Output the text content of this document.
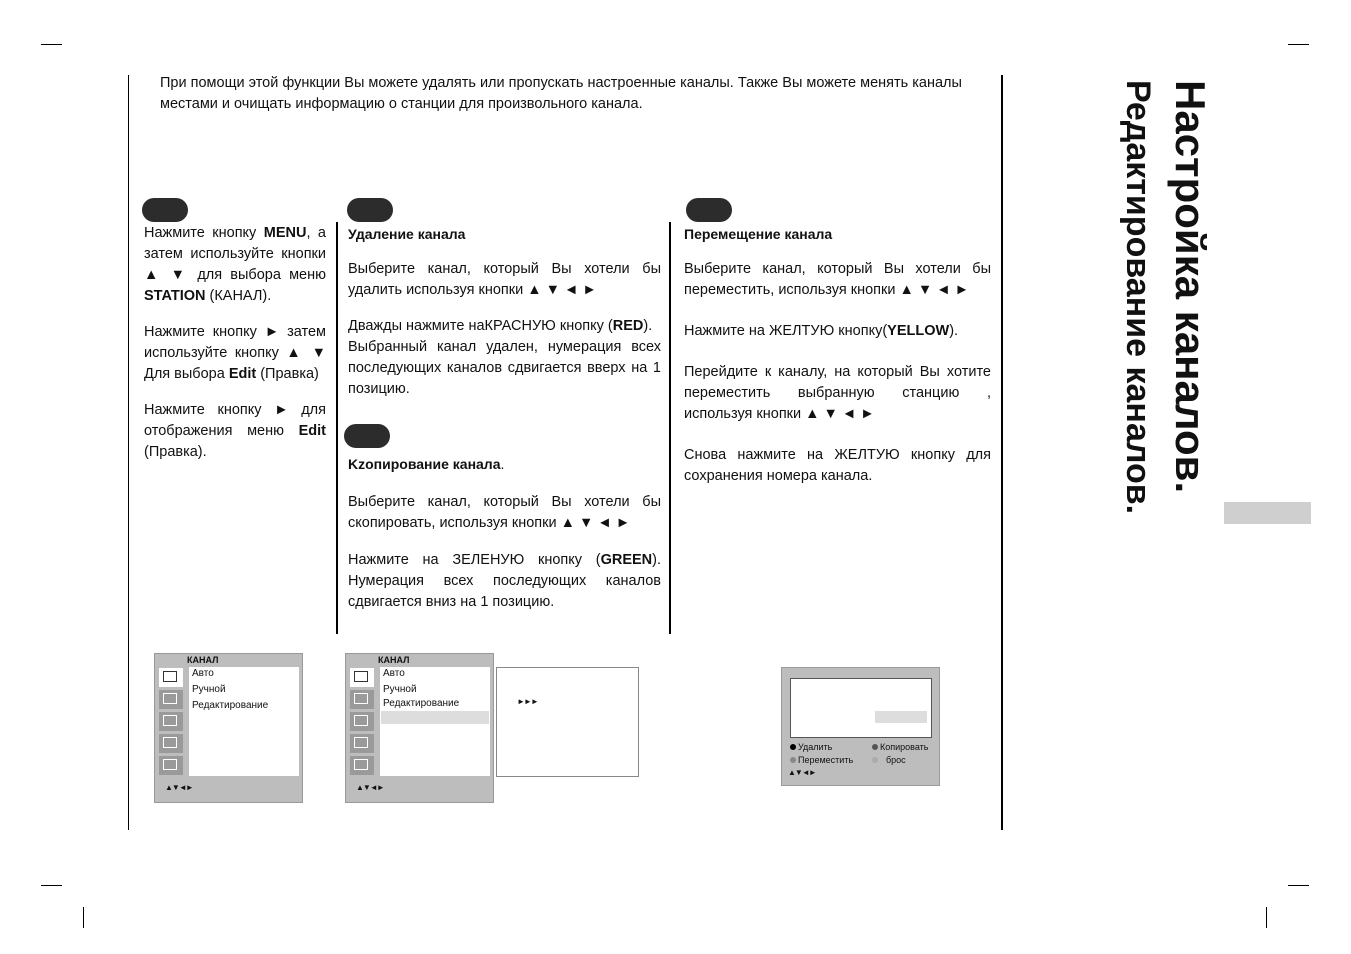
При помощи этой функции Вы можете удалять или пропускать настроенные каналы. Также Вы можете менять каналы местами и очищать информацию о станции для произвольного канала.	Настройка каналов.
Редактирование каналов.

Нажмите кнопку MENU, а затем используйте кнопки ▲ ▼ для выбора меню STATION (КАНАЛ).

Нажмите кнопку ► затем используйте кнопку ▲ ▼ Для выбора Edit (Правка)

Нажмите кнопку ► для отображения меню Edit (Правка).

Удаление канала

Выберите канал, который Вы хотели бы удалить используя кнопки ▲ ▼ ◄ ►

Дважды нажмите наКРАСНУЮ кнопку (RED).

Выбранный канал удален, нумерация всех последующих каналов сдвигается вверх на 1 позицию.

Kzопирование канала.

Выберите канал, который Вы хотели бы скопировать, используя кнопки ▲ ▼ ◄ ►

Нажмите на ЗЕЛЕНУЮ кнопку (GREEN). Нумерация всех последующих каналов сдвигается вниз на 1 позицию.

Перемещение канала

Выберите канал, который Вы хотели бы переместить, используя кнопки ▲ ▼ ◄ ►

Нажмите на ЖЕЛТУЮ кнопку(YELLOW).

Перейдите к каналу, на который Вы хотите переместить выбранную станцию , используя кнопки ▲ ▼ ◄ ►

Снова нажмите на ЖЕЛТУЮ кнопку для сохранения номера канала.

КАНАЛ
Авто
Ручной
Редактирование
▲▼◄►
КАНАЛ
Авто
Ручной
Редактирование
▲▼◄►
►►►
Удалить	Копировать
Переместить	брос
▲▼◄►
